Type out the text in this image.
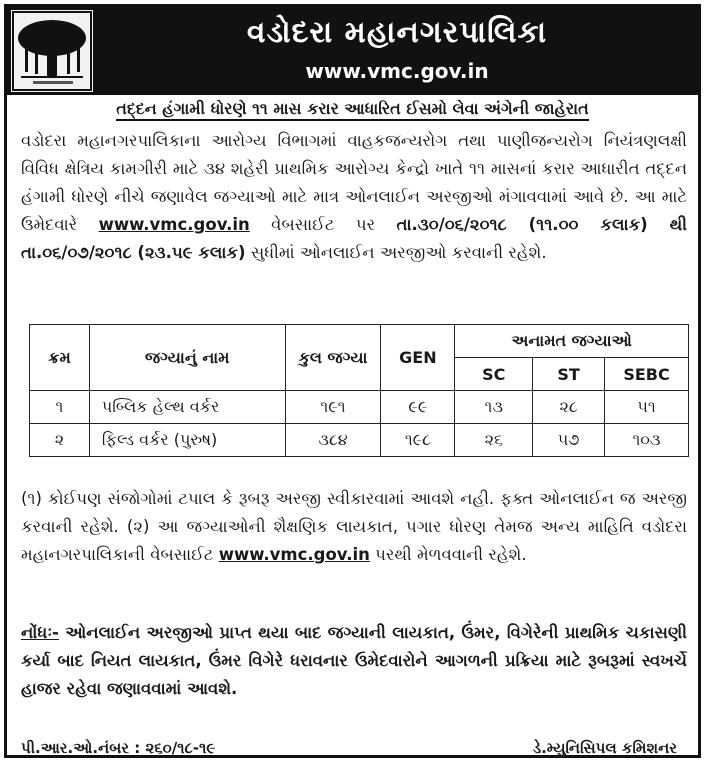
વડોદરા મહાનગરપાલિકા
www.vmc.gov.in
તદ્દન હંગામી ધોરણે ૧૧ માસ કરાર આધારિત ઈસમો લેવા અંગેની જાહેરાત
વડોદરા મહાનગરપાલિકાના આરોગ્ય વિભાગમાં વાહકજન્યરોગ તથા પાણીજન્યરોગ નિયંત્રણલક્ષી વિવિધ ક્ષેત્રિય કામગીરી માટે ૩૪ શહેરી પ્રાથમિક આરોગ્ય કેન્દ્રો ખાતે ૧૧ માસનાં કરાર આધારીત તદ્દન હંગામી ધોરણે નીચે જણાવેલ જગ્યાઓ માટે માત્ર ઓનલાઈન અરજીઓ મંગાવવામાં આવે છે. આ માટે ઉમેદવારે www.vmc.gov.in વેબસાઈટ પર તા.૩૦/૦૬/૨૦૧૮ (૧૧.૦૦ કલાક) થી તા.૦૬/૦૭/૨૦૧૮ (૨૩.૫૯ કલાક) સુધીમાં ઓનલાઈન અરજીઓ કરવાની રહેશે.
ક્રમ	જગ્યાનું નામ	કુલ જગ્યા	GEN	અનામત જગ્યાઓ		
				SC	ST	SEBC
૧	પબ્લિક હેલ્થ વર્કર	૧૯૧	૯૯	૧૩	૨૮	૫૧
૨	ફિલ્ડ વર્કર (પુરુષ)	૩૮૪	૧૯૮	૨૬	૫૭	૧૦૩
(૧) કોઈપણ સંજોગોમાં ટપાલ કે રૂબરૂ અરજી સ્વીકારવામાં આવશે નહી. ફક્ત ઓનલાઈન જ અરજી કરવાની રહેશે. (૨) આ જગ્યાઓની શૈક્ષણિક લાયકાત, પગાર ધોરણ તેમજ અન્ય માહિતિ વડોદરા મહાનગરપાલિકાની વેબસાઈટ www.vmc.gov.in પરથી મેળવવાની રહેશે.
નોંધઃ- ઓનલાઈન અરજીઓ પ્રાપ્ત થયા બાદ જગ્યાની લાયકાત, ઉંમર, વિગેરેની પ્રાથમિક ચકાસણી કર્યા બાદ નિયત લાયકાત, ઉંમર વિગેરે ધરાવનાર ઉમેદવારોને આગળની પ્રક્રિયા માટે રૂબરૂમાં સ્વખર્ચે હાજર રહેવા જણાવવામાં આવશે.
પી.આર.ઓ.નંબર : ૨૬૦/૧૮-૧૯	ડે.મ્યુનિસિપલ કમિશનર
